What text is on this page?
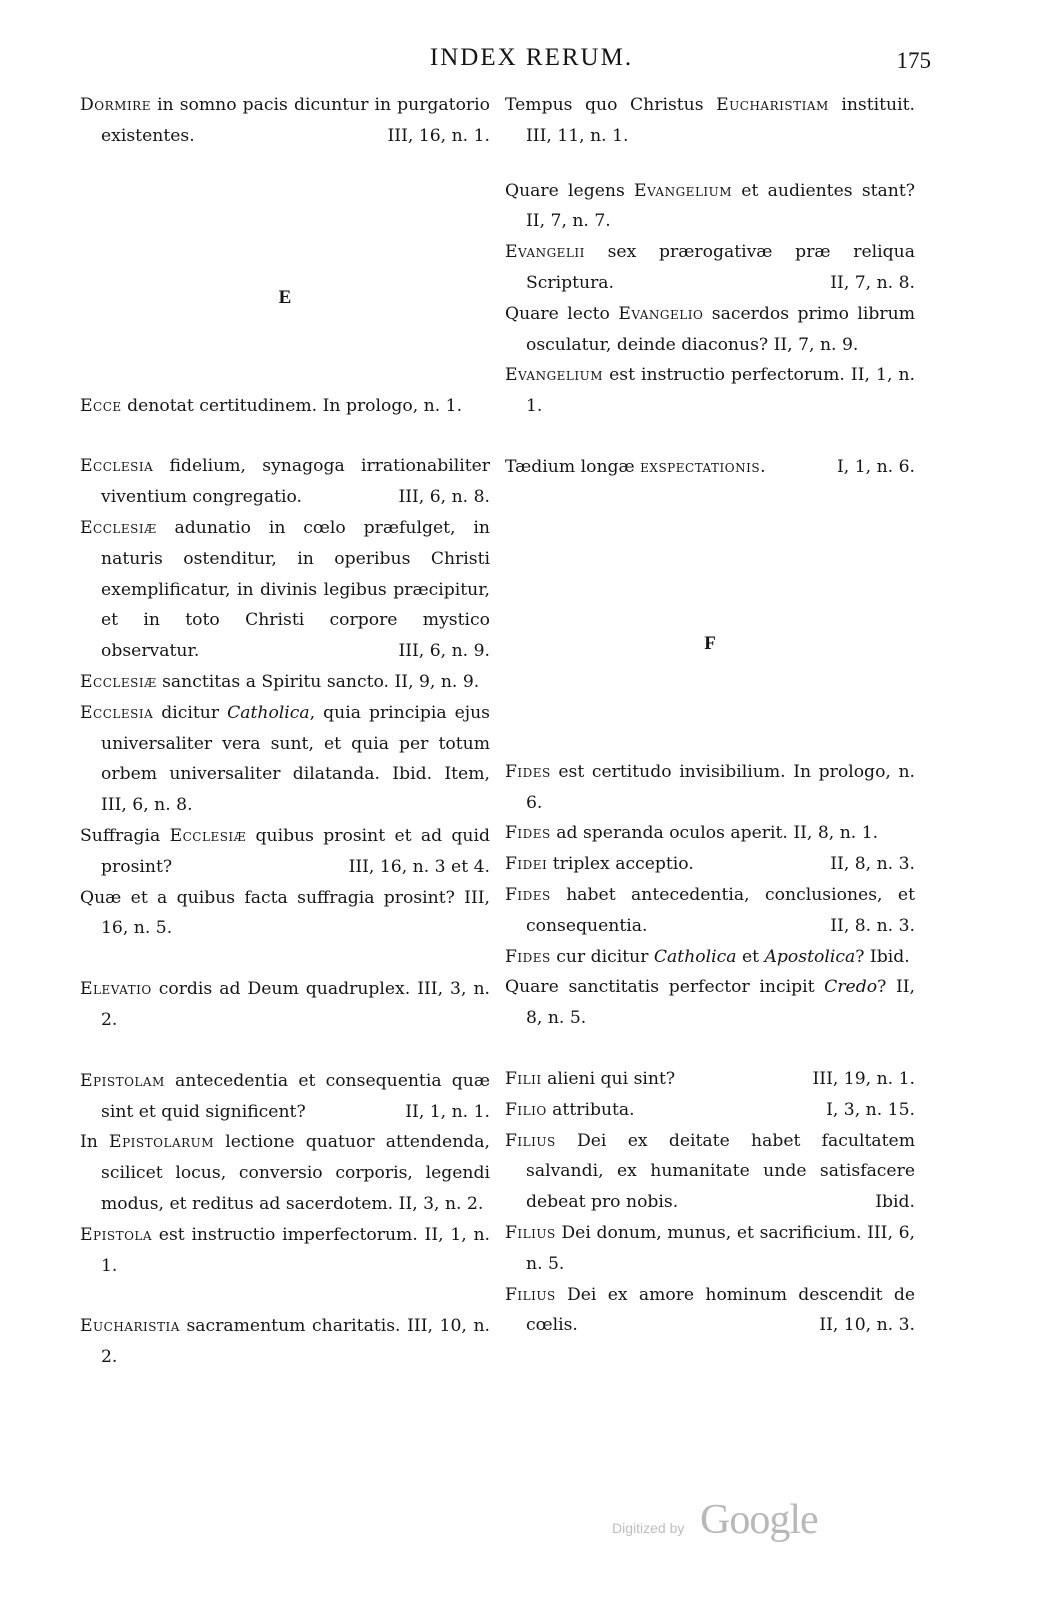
INDEX RERUM.	175

Dormire in somno pacis dicuntur in purgatorio existentes.	III, 16, n. 1.

E

Ecce denotat certitudinem. In prologo, n. 1.

Ecclesia fidelium, synagoga irrationabiliter viventium congregatio.	III, 6, n. 8.

Ecclesiæ adunatio in cœlo præfulget, in naturis ostenditur, in operibus Christi exemplificatur, in divinis legibus præcipitur, et in toto Christi corpore mystico observatur.	III, 6, n. 9.

Ecclesiæ sanctitas a Spiritu sancto. II, 9, n. 9.

Ecclesia dicitur Catholica, quia principia ejus universaliter vera sunt, et quia per totum orbem universaliter dilatanda. Ibid. Item, III, 6, n. 8.

Suffragia Ecclesiæ quibus prosint et ad quid prosint?	III, 16, n. 3 et 4.

Quæ et a quibus facta suffragia prosint? III, 16, n. 5.

Elevatio cordis ad Deum quadruplex. III, 3, n. 2.

Epistolam antecedentia et consequentia quæ sint et quid significent?	II, 1, n. 1.

In Epistolarum lectione quatuor attendenda, scilicet locus, conversio corporis, legendi modus, et reditus ad sacerdotem. II, 3, n. 2.

Epistola est instructio imperfectorum. II, 1, n. 1.

Eucharistia sacramentum charitatis. III, 10, n. 2.

Tempus quo Christus Eucharistiam instituit. III, 11, n. 1.

Quare legens Evangelium et audientes stant? II, 7, n. 7.

Evangelii sex prærogativæ præ reliqua Scriptura.	II, 7, n. 8.

Quare lecto Evangelio sacerdos primo librum osculatur, deinde diaconus? II, 7, n. 9.

Evangelium est instructio perfectorum. II, 1, n. 1.

Tædium longæ exspectationis.	I, 1, n. 6.

F

Fides est certitudo invisibilium. In prologo, n. 6.

Fides ad sperandа oculos aperit. II, 8, n. 1.

Fidei triplex acceptio.	II, 8, n. 3.

Fides habet antecedentia, conclusiones, et consequentia.	II, 8. n. 3.

Fides cur dicitur Catholica et Apostolica? Ibid.

Quare sanctitatis perfector incipit Credo? II, 8, n. 5.

Filii alieni qui sint?	III, 19, n. 1.

Filio attributa.	I, 3, n. 15.

Filius Dei ex deitate habet facultatem salvandi, ex humanitate unde satisfacere debeat pro nobis.	Ibid.

Filius Dei donum, munus, et sacrificium. III, 6, n. 5.

Filius Dei ex amore hominum descendit de cœlis.	II, 10, n. 3.

Digitized by Google
